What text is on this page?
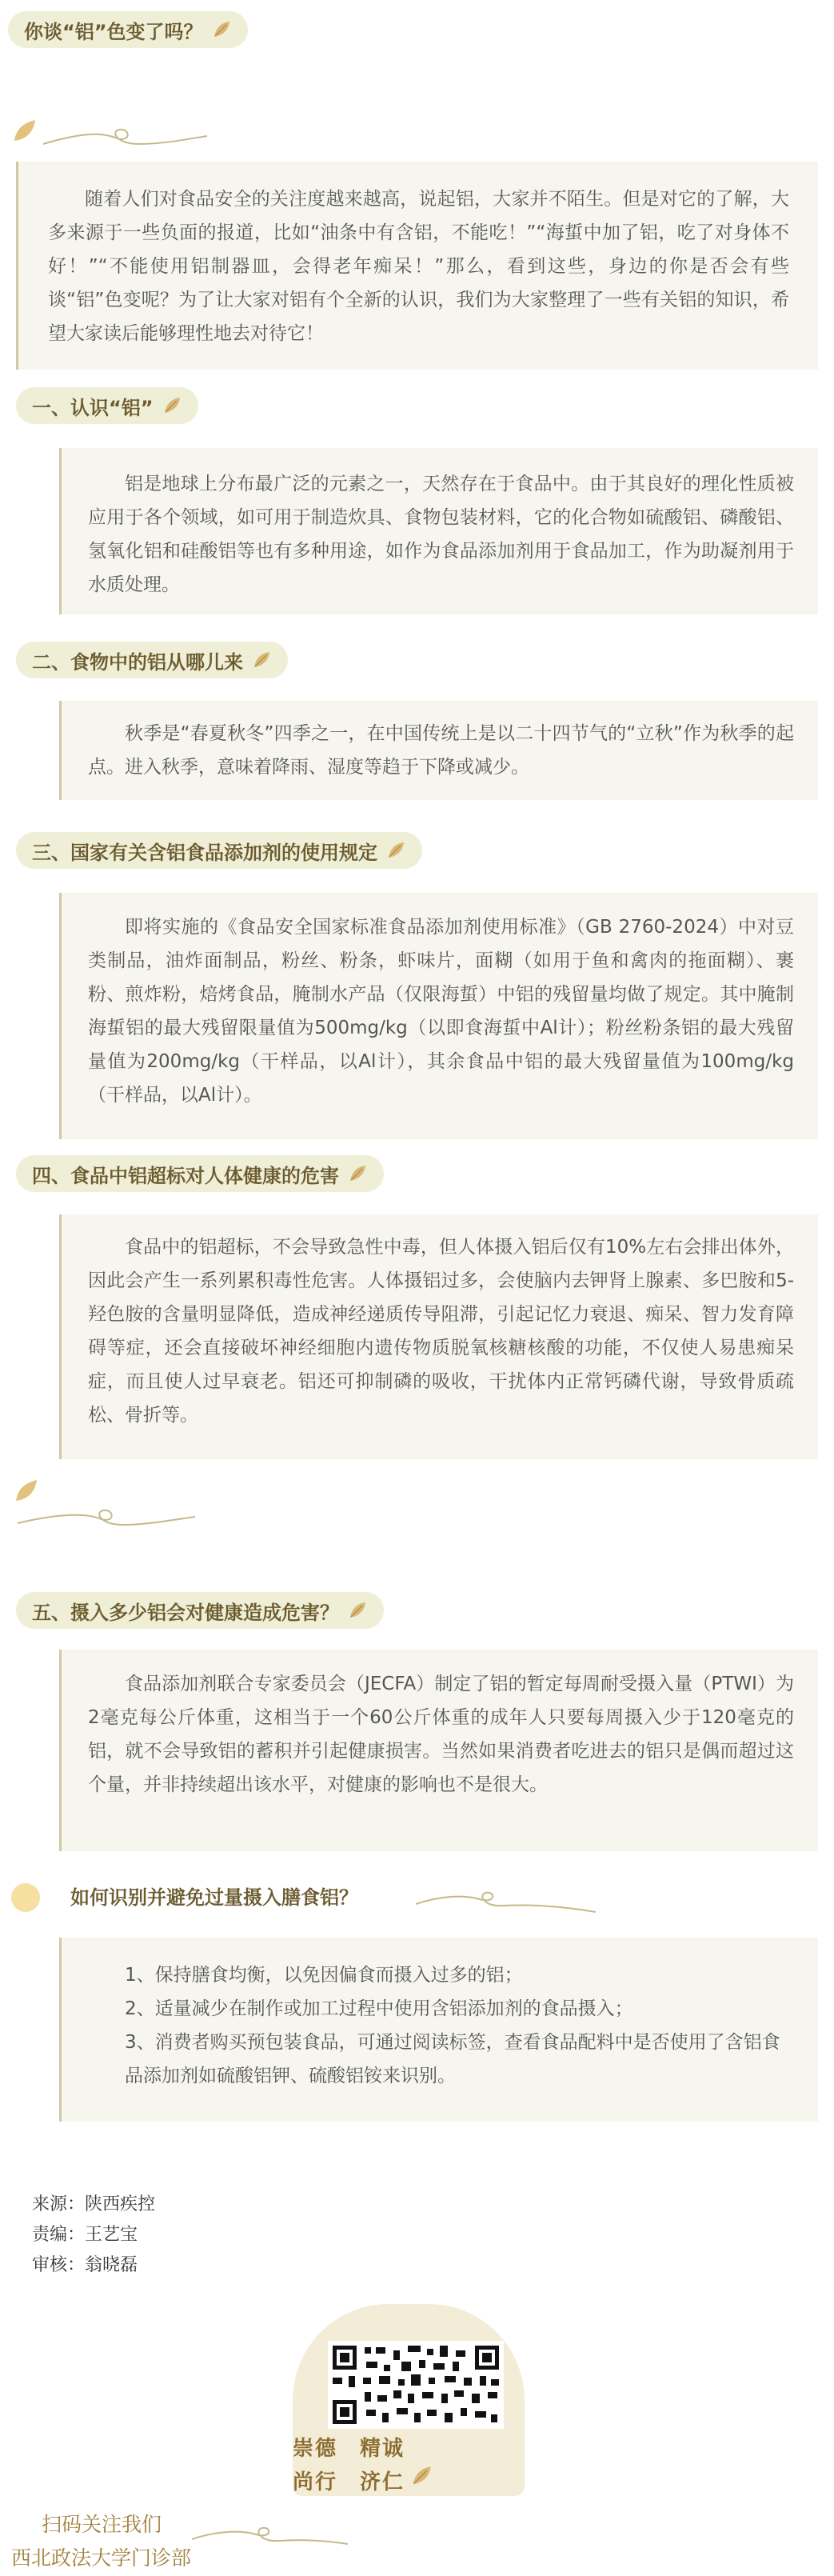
你谈“铝”色变了吗？

随着人们对食品安全的关注度越来越高，说起铝，大家并不陌生。但是对它的了解，大多来源于一些负面的报道，比如“油条中有含铝，不能吃！”“海蜇中加了铝，吃了对身体不好！”“不能使用铝制器皿，会得老年痴呆！”那么，看到这些，身边的你是否会有些谈“铝”色变呢？为了让大家对铝有个全新的认识，我们为大家整理了一些有关铝的知识，希望大家读后能够理性地去对待它！

一、认识“铝”

铝是地球上分布最广泛的元素之一，天然存在于食品中。由于其良好的理化性质被应用于各个领域，如可用于制造炊具、食物包装材料，它的化合物如硫酸铝、磷酸铝、氢氧化铝和硅酸铝等也有多种用途，如作为食品添加剂用于食品加工，作为助凝剂用于水质处理。

二、食物中的铝从哪儿来

秋季是“春夏秋冬”四季之一，在中国传统上是以二十四节气的“立秋”作为秋季的起点。进入秋季，意味着降雨、湿度等趋于下降或减少。

三、国家有关含铝食品添加剂的使用规定

即将实施的《食品安全国家标准食品添加剂使用标准》（GB 2760-2024）中对豆类制品，油炸面制品，粉丝、粉条，虾味片，面糊（如用于鱼和禽肉的拖面糊）、裹粉、煎炸粉，焙烤食品，腌制水产品（仅限海蜇）中铝的残留量均做了规定。其中腌制海蜇铝的最大残留限量值为500mg/kg（以即食海蜇中Al计）；粉丝粉条铝的最大残留量值为200mg/kg（干样品，以Al计），其余食品中铝的最大残留量值为100mg/kg（干样品，以Al计）。

四、食品中铝超标对人体健康的危害

食品中的铝超标，不会导致急性中毒，但人体摄入铝后仅有10%左右会排出体外，因此会产生一系列累积毒性危害。人体摄铝过多，会使脑内去钾肾上腺素、多巴胺和5-羟色胺的含量明显降低，造成神经递质传导阻滞，引起记忆力衰退、痴呆、智力发育障碍等症，还会直接破坏神经细胞内遗传物质脱氧核糖核酸的功能，不仅使人易患痴呆症，而且使人过早衰老。铝还可抑制磷的吸收，干扰体内正常钙磷代谢，导致骨质疏松、骨折等。

五、摄入多少铝会对健康造成危害？

食品添加剂联合专家委员会（JECFA）制定了铝的暂定每周耐受摄入量（PTWI）为2毫克每公斤体重，这相当于一个60公斤体重的成年人只要每周摄入少于120毫克的铝，就不会导致铝的蓄积并引起健康损害。当然如果消费者吃进去的铝只是偶而超过这个量，并非持续超出该水平，对健康的影响也不是很大。

如何识别并避免过量摄入膳食铝？
1、保持膳食均衡，以免因偏食而摄入过多的铝；
2、适量减少在制作或加工过程中使用含铝添加剂的食品摄入；
3、消费者购买预包装食品，可通过阅读标签，查看食品配料中是否使用了含铝食品添加剂如硫酸铝钾、硫酸铝铵来识别。
来源：陕西疾控
责编：王艺宝
审核：翁晓磊
崇德　精诚
尚行　济仁
扫码关注我们
西北政法大学门诊部
